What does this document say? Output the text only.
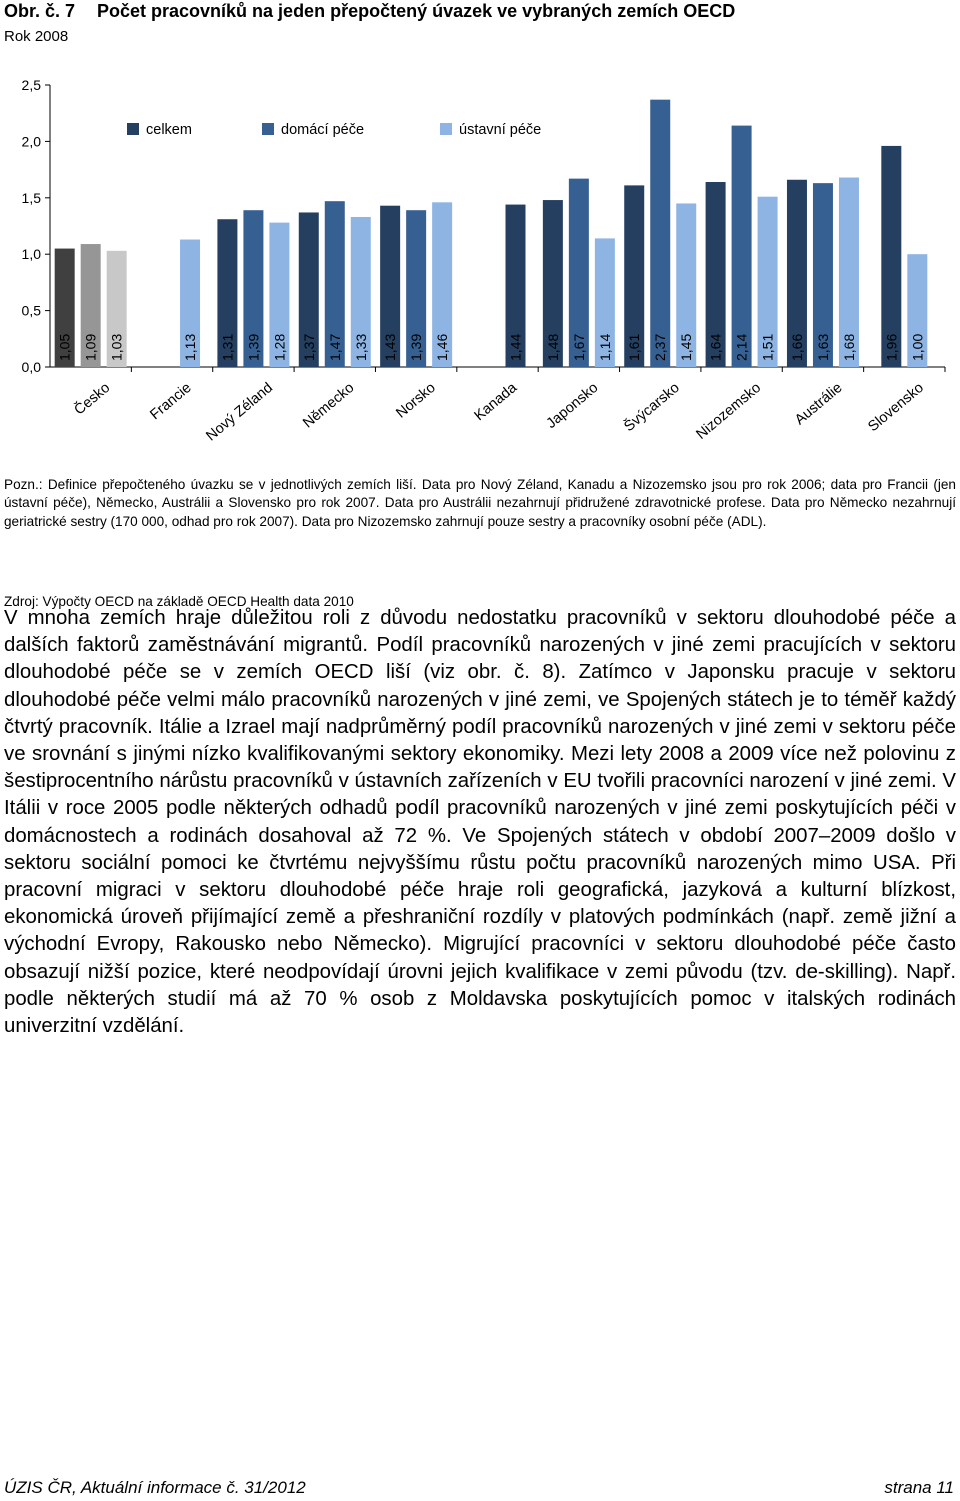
Obr. č. 7 Počet pracovníků na jeden přepočtený úvazek ve vybraných zemích OECD
Rok 2008
0,0
0,5
1,0
1,5
2,0
2,5
celkem	domácí péče	ústavní péče
1,05 1,09 1,03
Česko
1,13
Francie
1,31 1,39 1,28
Nový Zéland
1,37 1,47 1,33
Německo
1,43 1,39 1,46
Norsko
1,44
Kanada
1,48 1,67 1,14
Japonsko
1,61 2,37 1,45
Švýcarsko
1,64 2,14 1,51
Nizozemsko
1,66 1,63 1,68
Austrálie
1,96 1,00
Slovensko

Pozn.: Definice přepočteného úvazku se v jednotlivých zemích liší. Data pro Nový Zéland, Kanadu a Nizozemsko jsou pro rok 2006; data pro Francii (jen ústavní péče), Německo, Austrálii a Slovensko pro rok 2007. Data pro Austrálii nezahrnují přidružené zdravotnické profese. Data pro Německo nezahrnují geriatrické sestry (170 000, odhad pro rok 2007). Data pro Nizozemsko zahrnují pouze sestry a pracovníky osobní péče (ADL).

Zdroj: Výpočty OECD na základě OECD Health data 2010

V mnoha zemích hraje důležitou roli z důvodu nedostatku pracovníků v sektoru dlouhodobé péče a dalších faktorů zaměstnávání migrantů. Podíl pracovníků narozených v jiné zemi pracujících v sektoru dlouhodobé péče se v zemích OECD liší (viz obr. č. 8). Zatímco v Japonsku pracuje v sektoru dlouhodobé péče velmi málo pracovníků narozených v jiné zemi, ve Spojených státech je to téměř každý čtvrtý pracovník. Itálie a Izrael mají nadprůměrný podíl pracovníků narozených v jiné zemi v sektoru péče ve srovnání s jinými nízko kvalifikovanými sektory ekonomiky. Mezi lety 2008 a 2009 více než polovinu z šestiprocentního nárůstu pracovníků v ústavních zařízeních v EU tvořili pracovníci narození v jiné zemi. V Itálii v roce 2005 podle některých odhadů podíl pracovníků narozených v jiné zemi poskytujících péči v domácnostech a rodinách dosahoval až 72 %. Ve Spojených státech v období 2007–2009 došlo v sektoru sociální pomoci ke čtvrtému nejvyššímu růstu počtu pracovníků narozených mimo USA. Při pracovní migraci v sektoru dlouhodobé péče hraje roli geografická, jazyková a kulturní blízkost, ekonomická úroveň přijímající země a přeshraniční rozdíly v platových podmínkách (např. země jižní a východní Evropy, Rakousko nebo Německo). Migrující pracovníci v sektoru dlouhodobé péče často obsazují nižší pozice, které neodpovídají úrovni jejich kvalifikace v zemi původu (tzv. de-skilling). Např. podle některých studií má až 70 % osob z Moldavska poskytujících pomoc v italských rodinách univerzitní vzdělání.

ÚZIS ČR, Aktuální informace č. 31/2012	strana 11
